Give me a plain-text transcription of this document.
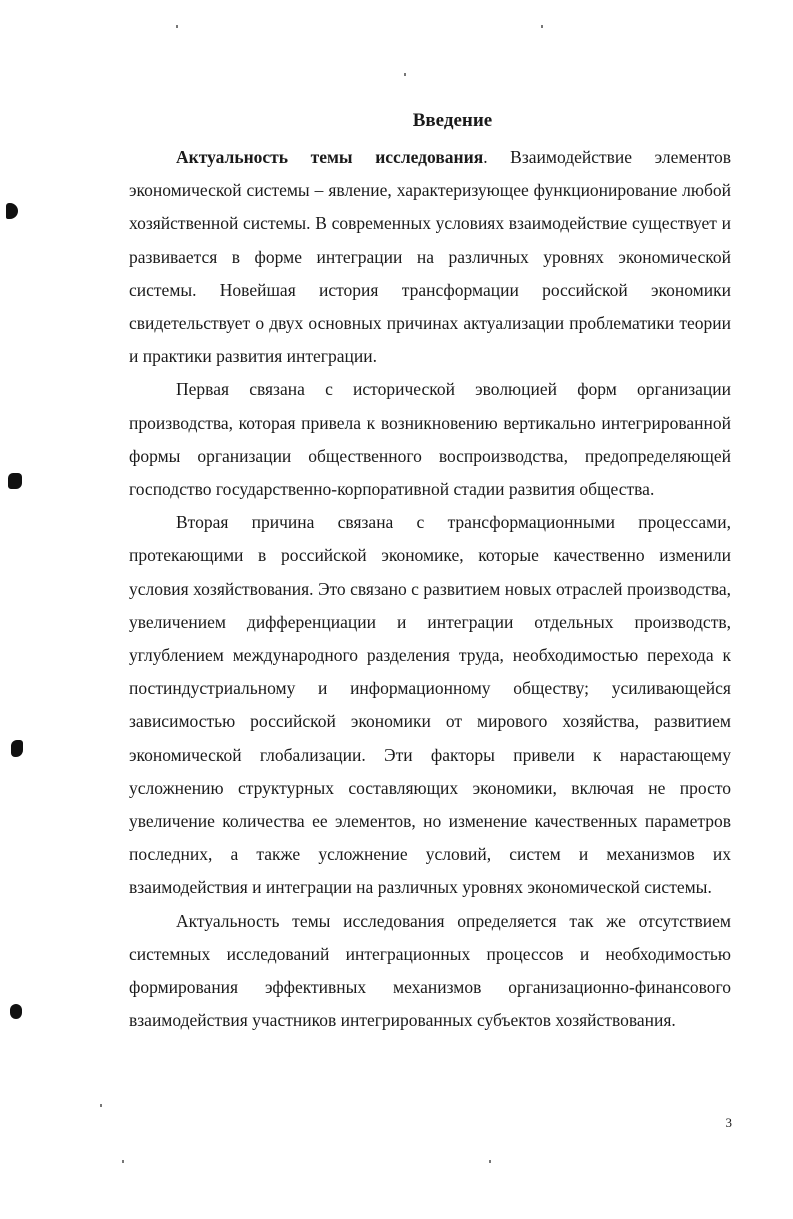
Введение

Актуальность темы исследования. Взаимодействие элементов экономической системы – явление, характеризующее функционирование любой хозяйственной системы. В современных условиях взаимодействие существует и развивается в форме интеграции на различных уровнях экономической системы. Новейшая история трансформации российской экономики свидетельствует о двух основных причинах актуализации проблематики теории и практики развития интеграции.

Первая связана с исторической эволюцией форм организации производства, которая привела к возникновению вертикально интегрированной формы организации общественного воспроизводства, предопределяющей господство государственно-корпоративной стадии развития общества.

Вторая причина связана с трансформационными процессами, протекающими в российской экономике, которые качественно изменили условия хозяйствования. Это связано с развитием новых отраслей производства, увеличением дифференциации и интеграции отдельных производств, углублением международного разделения труда, необходимостью перехода к постиндустриальному и информационному обществу; усиливающейся зависимостью российской экономики от мирового хозяйства, развитием экономической глобализации. Эти факторы привели к нарастающему усложнению структурных составляющих экономики, включая не просто увеличение количества ее элементов, но изменение качественных параметров последних, а также усложнение условий, систем и механизмов их взаимодействия и интеграции на различных уровнях экономической системы.

Актуальность темы исследования определяется так же отсутствием системных исследований интеграционных процессов и необходимостью формирования эффективных механизмов организационно-финансового взаимодействия участников интегрированных субъектов хозяйствования.

3
